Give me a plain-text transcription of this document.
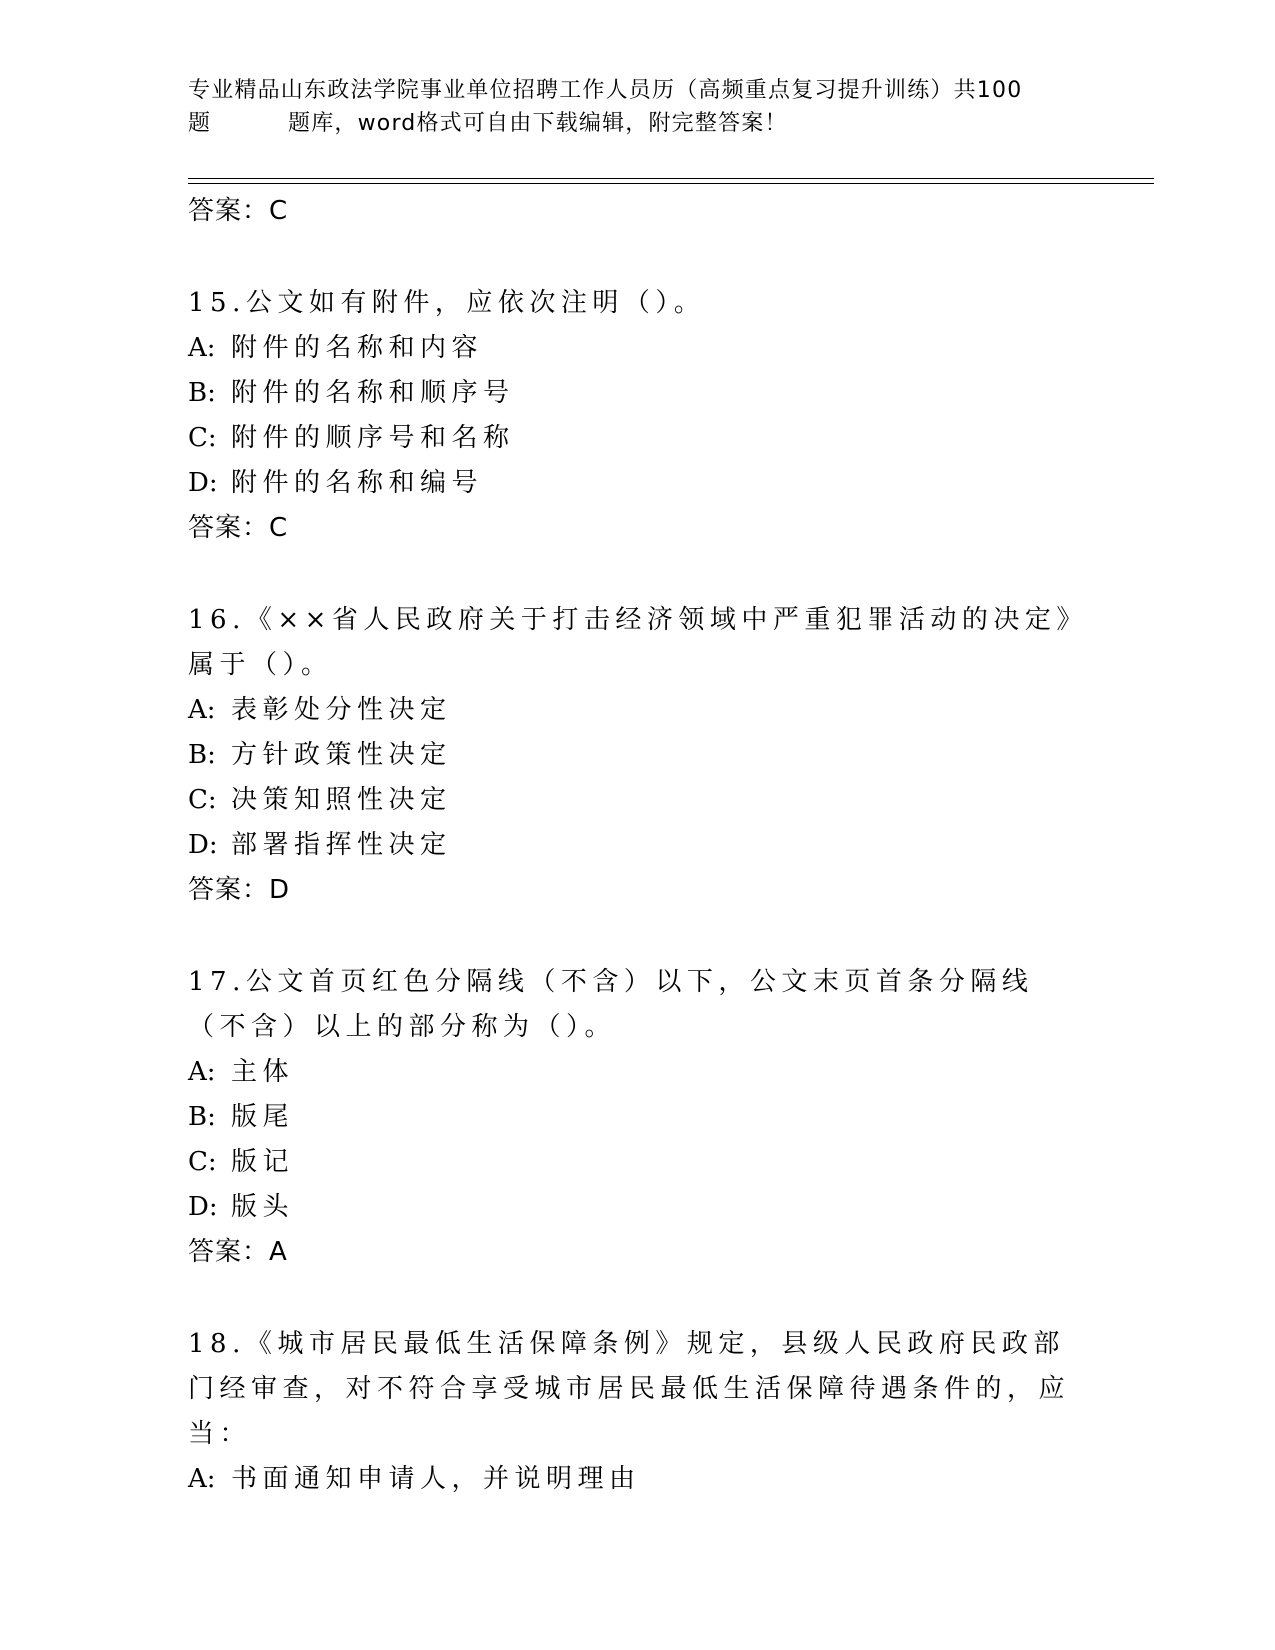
专业精品山东政法学院事业单位招聘工作人员历（高频重点复习提升训练）共100
题	题库，word格式可自由下载编辑，附完整答案！
答案：C
15.公文如有附件，应依次注明（）。
A: 附件的名称和内容
B: 附件的名称和顺序号
C: 附件的顺序号和名称
D: 附件的名称和编号
答案：C
16.《××省人民政府关于打击经济领域中严重犯罪活动的决定》属于（）。
A: 表彰处分性决定
B: 方针政策性决定
C: 决策知照性决定
D: 部署指挥性决定
答案：D
17.公文首页红色分隔线（不含）以下，公文末页首条分隔线（不含）以上的部分称为（）。
A: 主体
B: 版尾
C: 版记
D: 版头
答案：A
18.《城市居民最低生活保障条例》规定，县级人民政府民政部门经审查，对不符合享受城市居民最低生活保障待遇条件的，应当：
A: 书面通知申请人，并说明理由
